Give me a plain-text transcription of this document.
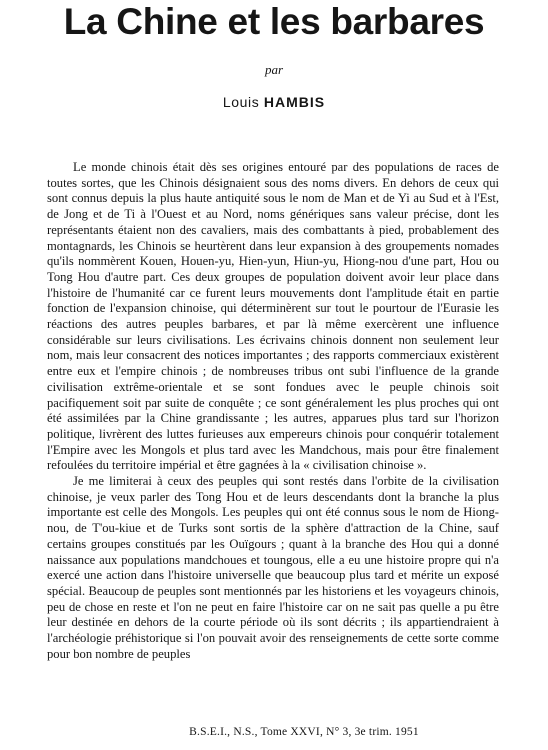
La Chine et les barbares
par
Louis HAMBIS

Le monde chinois était dès ses origines entouré par des populations de races de toutes sortes, que les Chinois désignaient sous des noms divers. En dehors de ceux qui sont connus depuis la plus haute antiquité sous le nom de Man et de Yi au Sud et à l'Est, de Jong et de Ti à l'Ouest et au Nord, noms génériques sans valeur précise, dont les représentants étaient non des cavaliers, mais des combattants à pied, probablement des montagnards, les Chinois se heurtèrent dans leur expansion à des groupements nomades qu'ils nommèrent Kouen, Houen-yu, Hien-yun, Hiun-yu, Hiong-nou d'une part, Hou ou Tong Hou d'autre part. Ces deux groupes de population doivent avoir leur place dans l'histoire de l'humanité car ce furent leurs mouvements dont l'amplitude était en partie fonction de l'expansion chinoise, qui déterminèrent sur tout le pourtour de l'Eurasie les réactions des autres peuples barbares, et par là même exercèrent une influence considérable sur leurs civilisations. Les écrivains chinois donnent non seulement leur nom, mais leur consacrent des notices importantes ; des rapports commerciaux existèrent entre eux et l'empire chinois ; de nombreuses tribus ont subi l'influence de la grande civilisation extrême-orientale et se sont fondues avec le peuple chinois soit pacifiquement soit par suite de conquête ; ce sont généralement les plus proches qui ont été assimilées par la Chine grandissante ; les autres, apparues plus tard sur l'horizon politique, livrèrent des luttes furieuses aux empereurs chinois pour conquérir totalement l'Empire avec les Mongols et plus tard avec les Mandchous, mais pour être finalement refoulées du territoire impérial et être gagnées à la « civilisation chinoise ».

Je me limiterai à ceux des peuples qui sont restés dans l'orbite de la civilisation chinoise, je veux parler des Tong Hou et de leurs descendants dont la branche la plus importante est celle des Mongols. Les peuples qui ont été connus sous le nom de Hiong-nou, de T'ou-kiue et de Turks sont sortis de la sphère d'attraction de la Chine, sauf certains groupes constitués par les Ouïgours ; quant à la branche des Hou qui a donné naissance aux populations mandchoues et toungous, elle a eu une histoire propre qui n'a exercé une action dans l'histoire universelle que beaucoup plus tard et mérite un exposé spécial. Beaucoup de peuples sont mentionnés par les historiens et les voyageurs chinois, peu de chose en reste et l'on ne peut en faire l'histoire car on ne sait pas quelle a pu être leur destinée en dehors de la courte période où ils sont décrits ; ils appartiendraient à l'archéologie préhistorique si l'on pouvait avoir des renseignements de cette sorte comme pour bon nombre de peuples

B.S.E.I., N.S., Tome XXVI, N° 3, 3e trim. 1951
